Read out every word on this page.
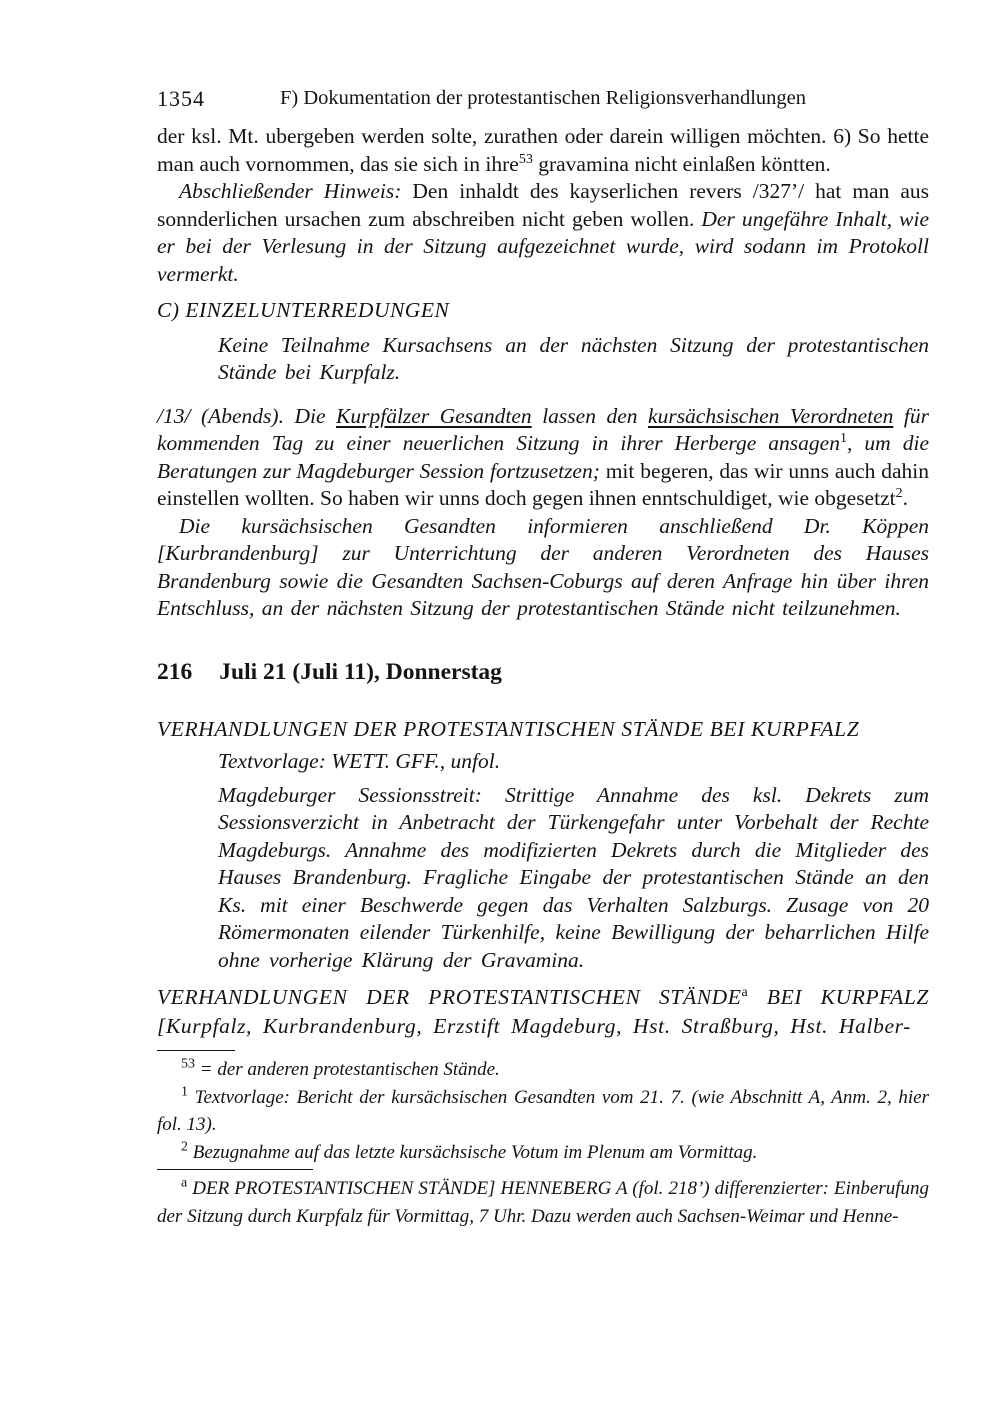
1354	F) Dokumentation der protestantischen Religionsverhandlungen

der ksl. Mt. ubergeben werden solte, zurathen oder darein willigen möchten. 6) So hette man auch vornommen, das sie sich in ihre$^{53}$ gravamina nicht einlaßen köntten.

Abschließender Hinweis: Den inhaldt des kayserlichen revers /327’/ hat man aus sonnderlichen ursachen zum abschreiben nicht geben wollen. Der ungefähre Inhalt, wie er bei der Verlesung in der Sitzung aufgezeichnet wurde, wird sodann im Protokoll vermerkt.

C) EINZELUNTERREDUNGEN

Keine Teilnahme Kursachsens an der nächsten Sitzung der protestantischen Stände bei Kurpfalz.

/13/ (Abends). Die Kurpfälzer Gesandten lassen den kursächsischen Verordneten für kommenden Tag zu einer neuerlichen Sitzung in ihrer Herberge ansagen$^1$, um die Beratungen zur Magdeburger Session fortzusetzen; mit begeren, das wir unns auch dahin einstellen wollten. So haben wir unns doch gegen ihnen enntschuldiget, wie obgesetzt$^2$.

Die kursächsischen Gesandten informieren anschließend Dr. Köppen [Kurbrandenburg] zur Unterrichtung der anderen Verordneten des Hauses Brandenburg sowie die Gesandten Sachsen-Coburgs auf deren Anfrage hin über ihren Entschluss, an der nächsten Sitzung der protestantischen Stände nicht teilzunehmen.

216 Juli 21 (Juli 11), Donnerstag

VERHANDLUNGEN DER PROTESTANTISCHEN STÄNDE BEI KURPFALZ

Textvorlage: WETT. GFF., unfol.

Magdeburger Sessionsstreit: Strittige Annahme des ksl. Dekrets zum Sessionsverzicht in Anbetracht der Türkengefahr unter Vorbehalt der Rechte Magdeburgs. Annahme des modifizierten Dekrets durch die Mitglieder des Hauses Brandenburg. Fragliche Eingabe der protestantischen Stände an den Ks. mit einer Beschwerde gegen das Verhalten Salzburgs. Zusage von 20 Römermonaten eilender Türkenhilfe, keine Bewilligung der beharrlichen Hilfe ohne vorherige Klärung der Gravamina.

VERHANDLUNGEN DER PROTESTANTISCHEN STÄNDE$^a$ BEI KURPFALZ [Kurpfalz, Kurbrandenburg, Erzstift Magdeburg, Hst. Straßburg, Hst. Halber-

$^{53}$ = der anderen protestantischen Stände.

$^1$ Textvorlage: Bericht der kursächsischen Gesandten vom 21. 7. (wie Abschnitt A, Anm. 2, hier fol. 13).

$^2$ Bezugnahme auf das letzte kursächsische Votum im Plenum am Vormittag.

$^a$ DER PROTESTANTISCHEN STÄNDE] HENNEBERG A (fol. 218’) differenzierter: Einberufung der Sitzung durch Kurpfalz für Vormittag, 7 Uhr. Dazu werden auch Sachsen-Weimar und Henne-
